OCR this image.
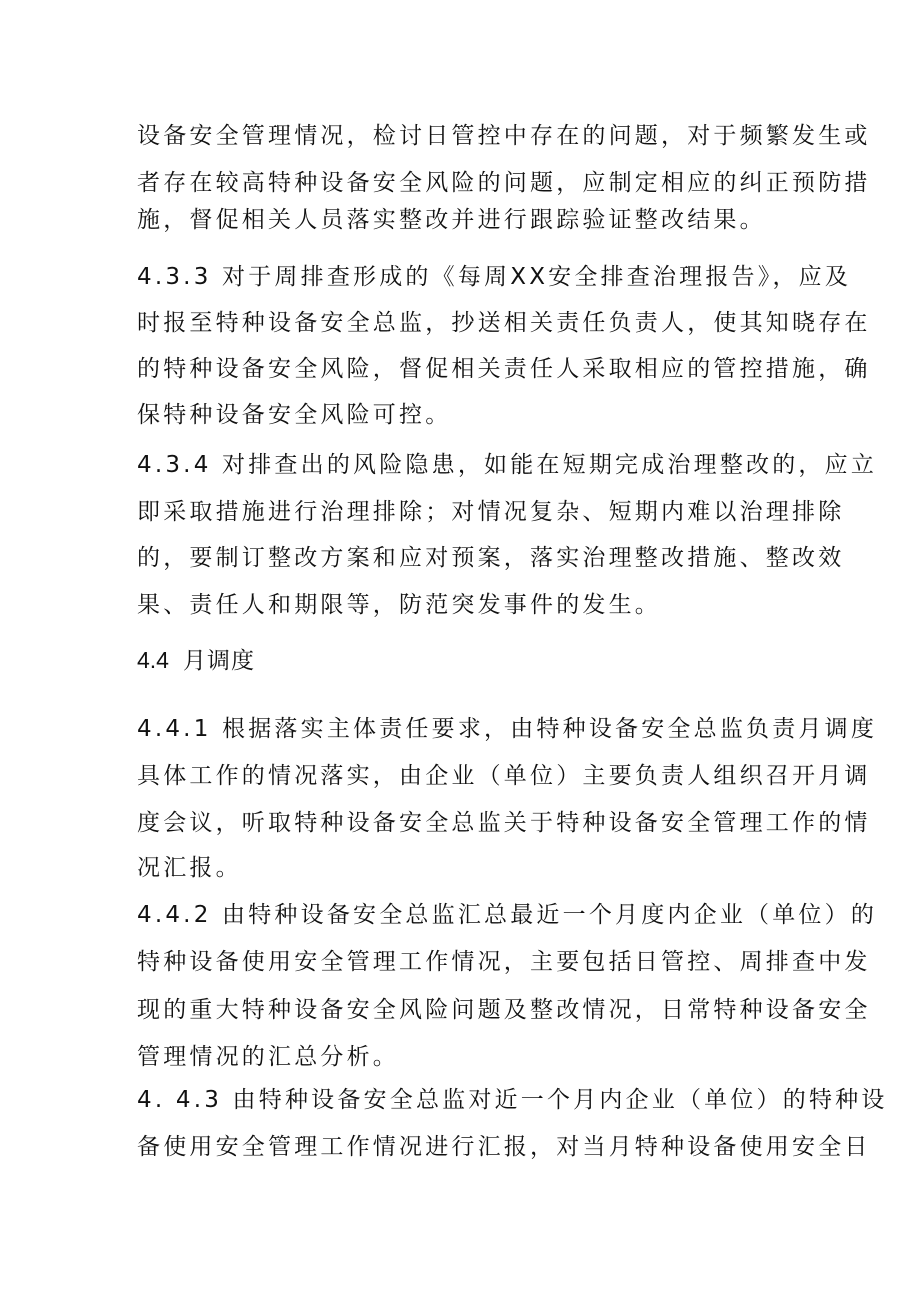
设备安全管理情况，检讨日管控中存在的问题，对于频繁发生或
者存在较高特种设备安全风险的问题，应制定相应的纠正预防措
施，督促相关人员落实整改并进行跟踪验证整改结果。
4.3.3 对于周排查形成的《每周XX安全排查治理报告》，应及
时报至特种设备安全总监，抄送相关责任负责人，使其知晓存在
的特种设备安全风险，督促相关责任人采取相应的管控措施，确
保特种设备安全风险可控。
4.3.4 对排查出的风险隐患，如能在短期完成治理整改的，应立
即采取措施进行治理排除；对情况复杂、短期内难以治理排除
的，要制订整改方案和应对预案，落实治理整改措施、整改效
果、责任人和期限等，防范突发事件的发生。
4.4 月调度
4.4.1 根据落实主体责任要求，由特种设备安全总监负责月调度
具体工作的情况落实，由企业（单位）主要负责人组织召开月调
度会议，听取特种设备安全总监关于特种设备安全管理工作的情
况汇报。
4.4.2 由特种设备安全总监汇总最近一个月度内企业（单位）的
特种设备使用安全管理工作情况，主要包括日管控、周排查中发
现的重大特种设备安全风险问题及整改情况，日常特种设备安全
管理情况的汇总分析。
4. 4.3 由特种设备安全总监对近一个月内企业（单位）的特种设
备使用安全管理工作情况进行汇报，对当月特种设备使用安全日
